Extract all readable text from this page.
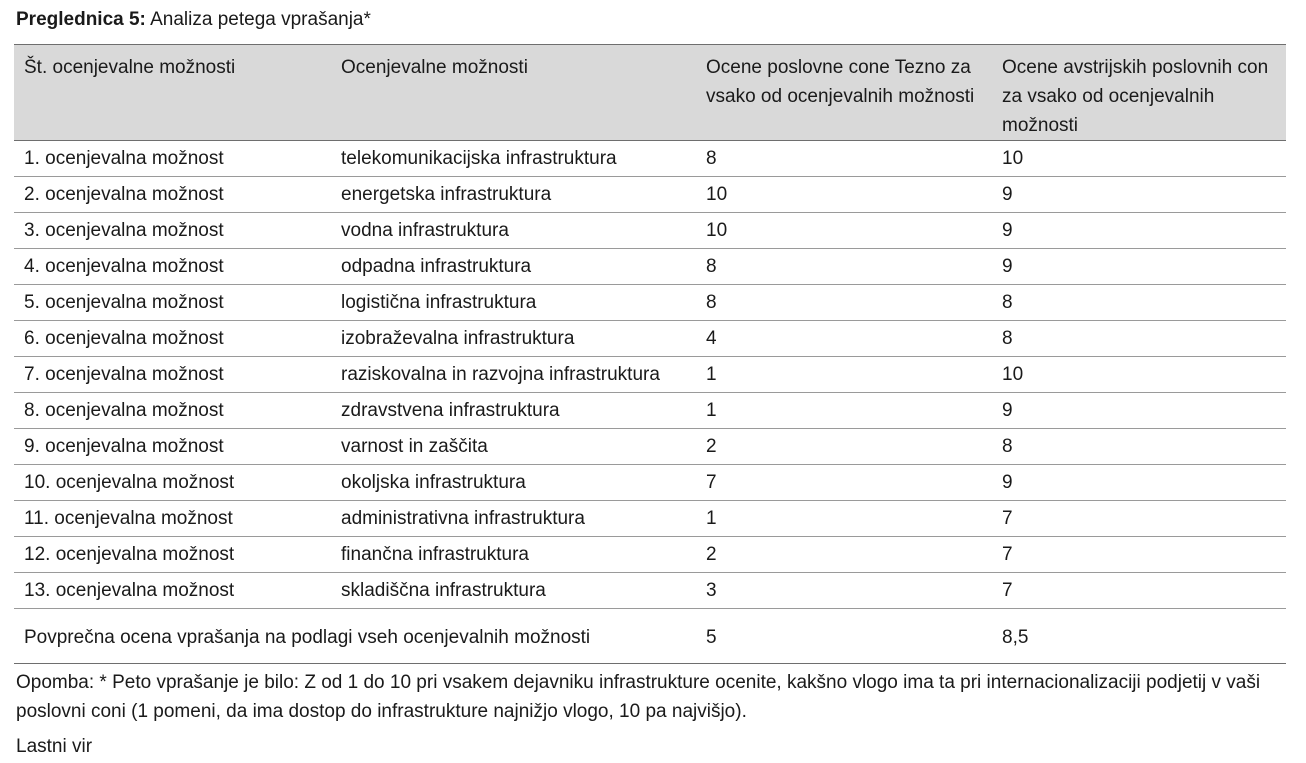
Preglednica 5: Analiza petega vprašanja*
Št. ocenjevalne možnosti	Ocenjevalne možnosti	Ocene poslovne cone Tezno za vsako od ocenjevalnih možnosti	Ocene avstrijskih poslovnih con za vsako od ocenjevalnih možnosti
1. ocenjevalna možnost	telekomunikacijska infrastruktura	8	10
2. ocenjevalna možnost	energetska infrastruktura	10	9
3. ocenjevalna možnost	vodna infrastruktura	10	9
4. ocenjevalna možnost	odpadna infrastruktura	8	9
5. ocenjevalna možnost	logistična infrastruktura	8	8
6. ocenjevalna možnost	izobraževalna infrastruktura	4	8
7. ocenjevalna možnost	raziskovalna in razvojna infrastruktura	1	10
8. ocenjevalna možnost	zdravstvena infrastruktura	1	9
9. ocenjevalna možnost	varnost in zaščita	2	8
10. ocenjevalna možnost	okoljska infrastruktura	7	9
11. ocenjevalna možnost	administrativna infrastruktura	1	7
12. ocenjevalna možnost	finančna infrastruktura	2	7
13. ocenjevalna možnost	skladiščna infrastruktura	3	7
Povprečna ocena vprašanja na podlagi vseh ocenjevalnih možnosti		5	8,5
Opomba: * Peto vprašanje je bilo: Z od 1 do 10 pri vsakem dejavniku infrastrukture ocenite, kakšno vlogo ima ta pri internacionalizaciji podjetij v vaši poslovni coni (1 pomeni, da ima dostop do infrastrukture najnižjo vlogo, 10 pa najvišjo).
Lastni vir
